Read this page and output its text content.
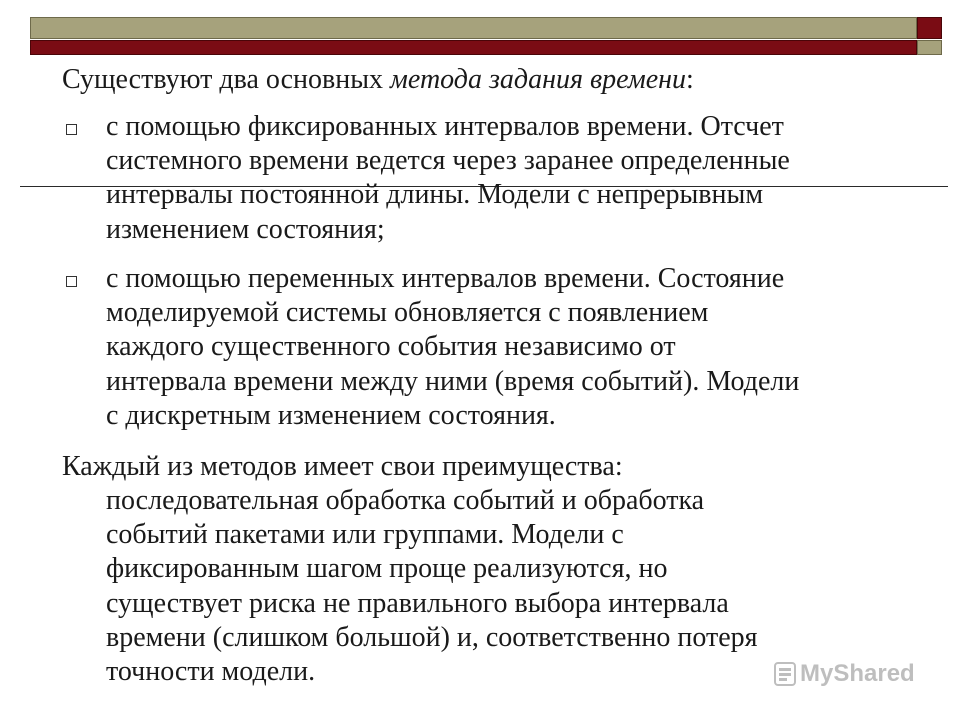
Существуют два основных метода задания времени:

с помощью фиксированных интервалов времени. Отсчет
системного времени ведется через заранее определенные
интервалы постоянной длины. Модели с непрерывным
изменением состояния;
с помощью переменных интервалов времени. Состояние
моделируемой системы обновляется с появлением
каждого существенного события независимо от
интервала времени между ними (время событий). Модели
с дискретным изменением состояния.
Каждый из методов имеет свои преимущества:
последовательная обработка событий и обработка
событий пакетами или группами. Модели с
фиксированным шагом проще реализуются, но
существует риска не правильного выбора интервала
времени (слишком большой) и, соответственно потеря
точности модели.	MyShared
